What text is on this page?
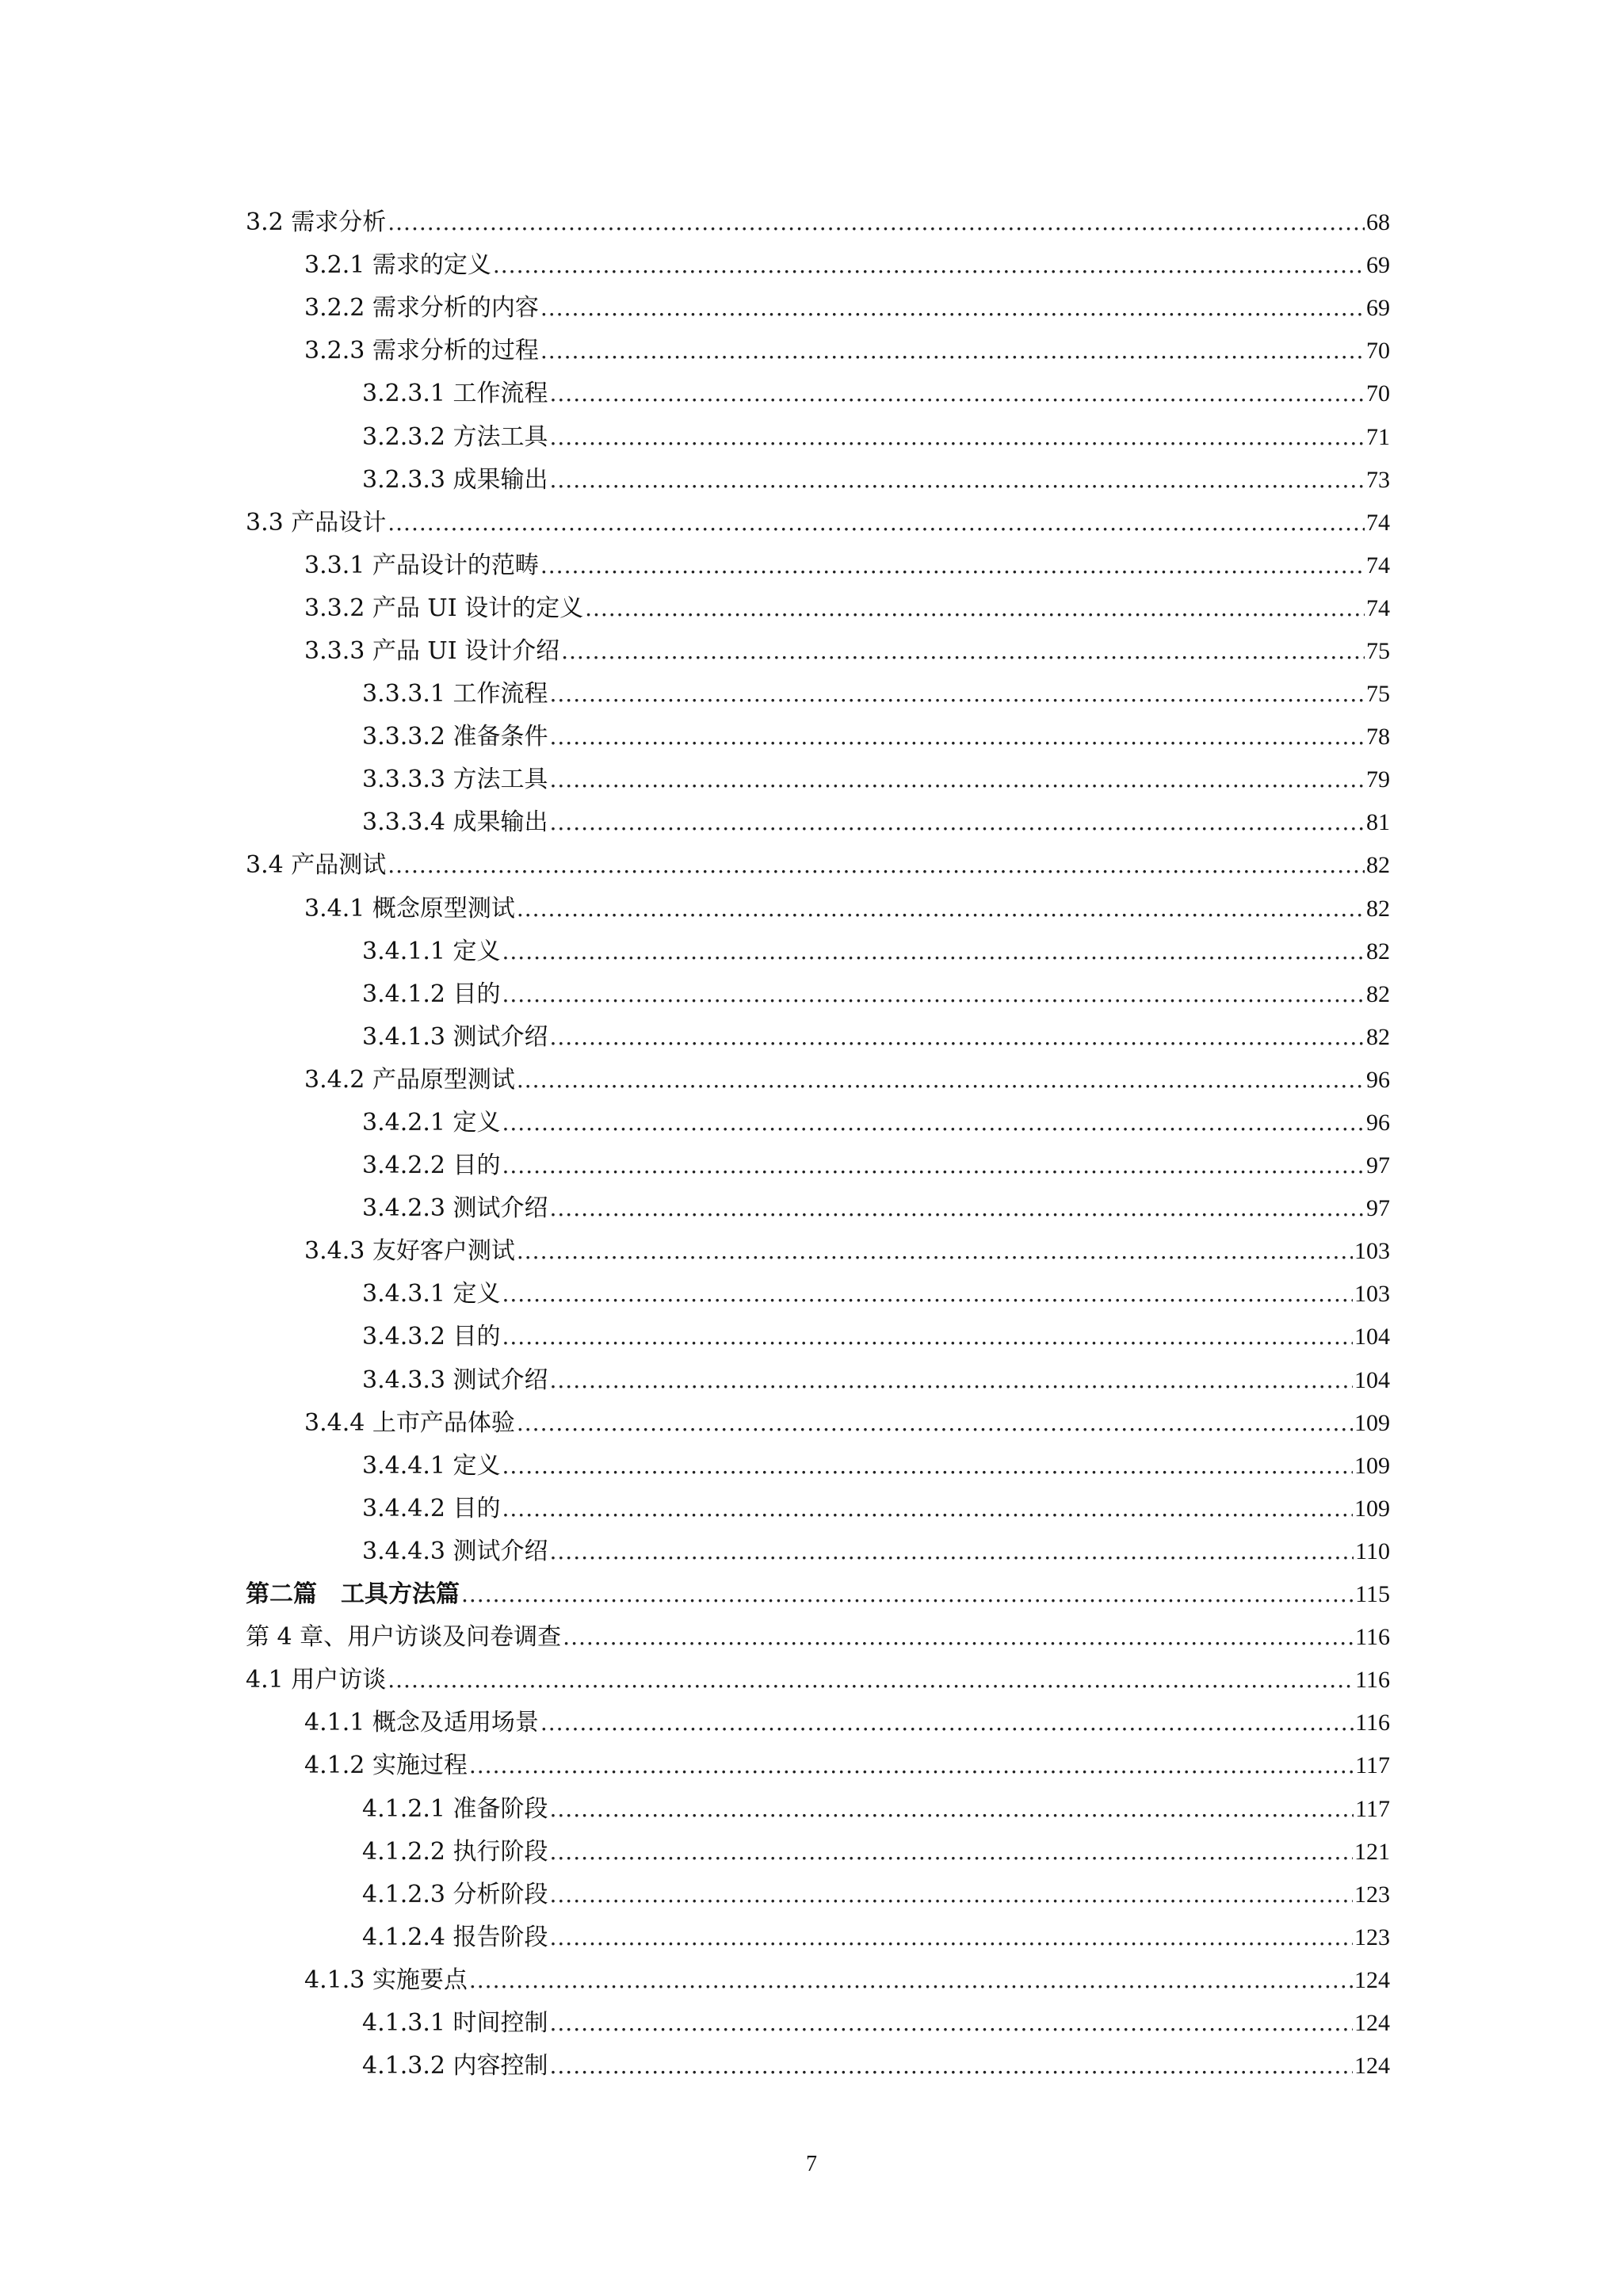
3.2 需求分析 .....	68
3.2.1 需求的定义 .....	69
3.2.2 需求分析的内容 .....	69
3.2.3 需求分析的过程 .....	70
3.2.3.1 工作流程 .....	70
3.2.3.2 方法工具 .....	71
3.2.3.3 成果输出 .....	73
3.3 产品设计 .....	74
3.3.1 产品设计的范畴 .....	74
3.3.2 产品 UI 设计的定义 .....	74
3.3.3 产品 UI 设计介绍 .....	75
3.3.3.1 工作流程 .....	75
3.3.3.2 准备条件 .....	78
3.3.3.3 方法工具 .....	79
3.3.3.4 成果输出 .....	81
3.4 产品测试 .....	82
3.4.1 概念原型测试 .....	82
3.4.1.1 定义 .....	82
3.4.1.2 目的 .....	82
3.4.1.3 测试介绍 .....	82
3.4.2 产品原型测试 .....	96
3.4.2.1 定义 .....	96
3.4.2.2 目的 .....	97
3.4.2.3 测试介绍 .....	97
3.4.3 友好客户测试 .....	103
3.4.3.1 定义 .....	103
3.4.3.2 目的 .....	104
3.4.3.3 测试介绍 .....	104
3.4.4 上市产品体验 .....	109
3.4.4.1 定义 .....	109
3.4.4.2 目的 .....	109
3.4.4.3 测试介绍 .....	110
第二篇　工具方法篇 .....	115
第 4 章、用户访谈及问卷调查 .....	116
4.1 用户访谈 .....	116
4.1.1 概念及适用场景 .....	116
4.1.2 实施过程 .....	117
4.1.2.1 准备阶段 .....	117
4.1.2.2 执行阶段 .....	121
4.1.2.3 分析阶段 .....	123
4.1.2.4 报告阶段 .....	123
4.1.3 实施要点 .....	124
4.1.3.1 时间控制 .....	124
4.1.3.2 内容控制 .....	124
7
